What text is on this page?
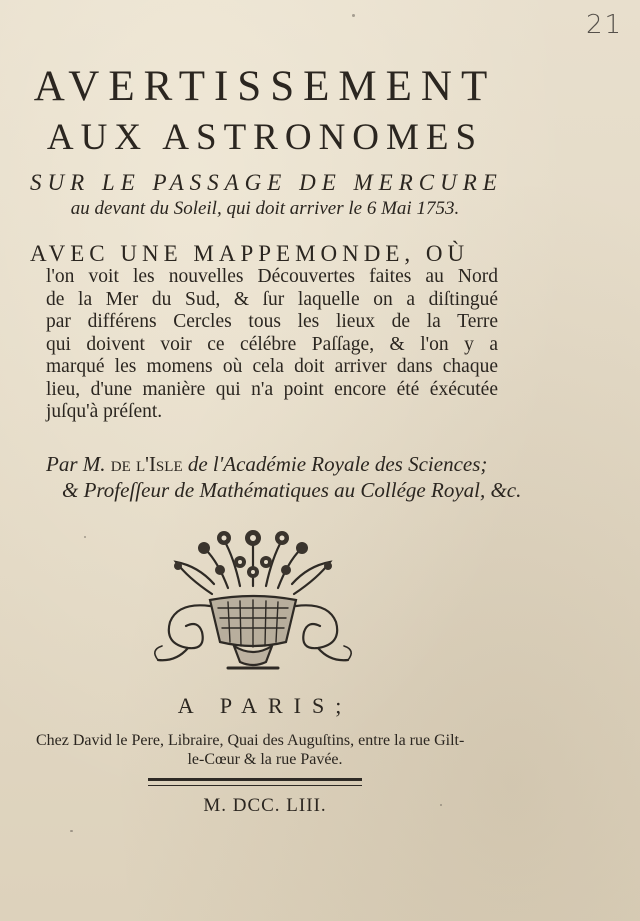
21
AVERTISSEMENT
AUX ASTRONOMES
SUR LE PASSAGE DE MERCURE
au devant du Soleil, qui doit arriver le 6 Mai 1753.
AVEC UNE MAPPEMONDE, OÙ
l'on voit les nouvelles Découvertes faites au Nord
de la Mer du Sud, & ſur laquelle on a diſtingué
par différens Cercles tous les lieux de la Terre
qui doivent voir ce célébre Paſſage, & l'on y a
marqué les momens où cela doit arriver dans chaque
lieu, d'une manière qui n'a point encore été éxécutée
juſqu'à préſent.
Par M. de l'Isle de l'Académie Royale des Sciences;
& Profeſſeur de Mathématiques au Collége Royal, &c.
A PARIS;
Chez David le Pere, Libraire, Quai des Auguſtins, entre la rue Gilt-
le-Cœur & la rue Pavée.
M. DCC. LIII.
